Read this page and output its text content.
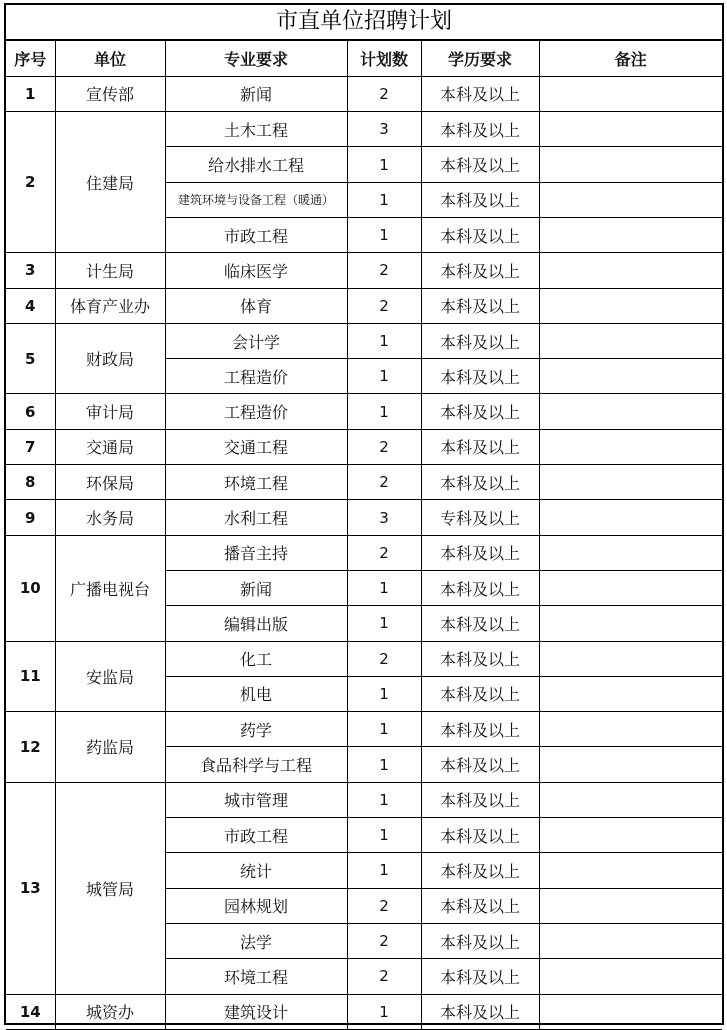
市直单位招聘计划
序号	单位	专业要求	计划数	学历要求	备注
1	宣传部	新闻	2	本科及以上	
2	住建局	土木工程	3	本科及以上	
		给水排水工程	1	本科及以上	
		建筑环境与设备工程（暖通）	1	本科及以上	
		市政工程	1	本科及以上	
3	计生局	临床医学	2	本科及以上	
4	体育产业办	体育	2	本科及以上	
5	财政局	会计学	1	本科及以上	
		工程造价	1	本科及以上	
6	审计局	工程造价	1	本科及以上	
7	交通局	交通工程	2	本科及以上	
8	环保局	环境工程	2	本科及以上	
9	水务局	水利工程	3	专科及以上	
10	广播电视台	播音主持	2	本科及以上	
		新闻	1	本科及以上	
		编辑出版	1	本科及以上	
11	安监局	化工	2	本科及以上	
		机电	1	本科及以上	
12	药监局	药学	1	本科及以上	
		食品科学与工程	1	本科及以上	
13	城管局	城市管理	1	本科及以上	
		市政工程	1	本科及以上	
		统计	1	本科及以上	
		园林规划	2	本科及以上	
		法学	2	本科及以上	
		环境工程	2	本科及以上	
14	城资办	建筑设计	1	本科及以上	
